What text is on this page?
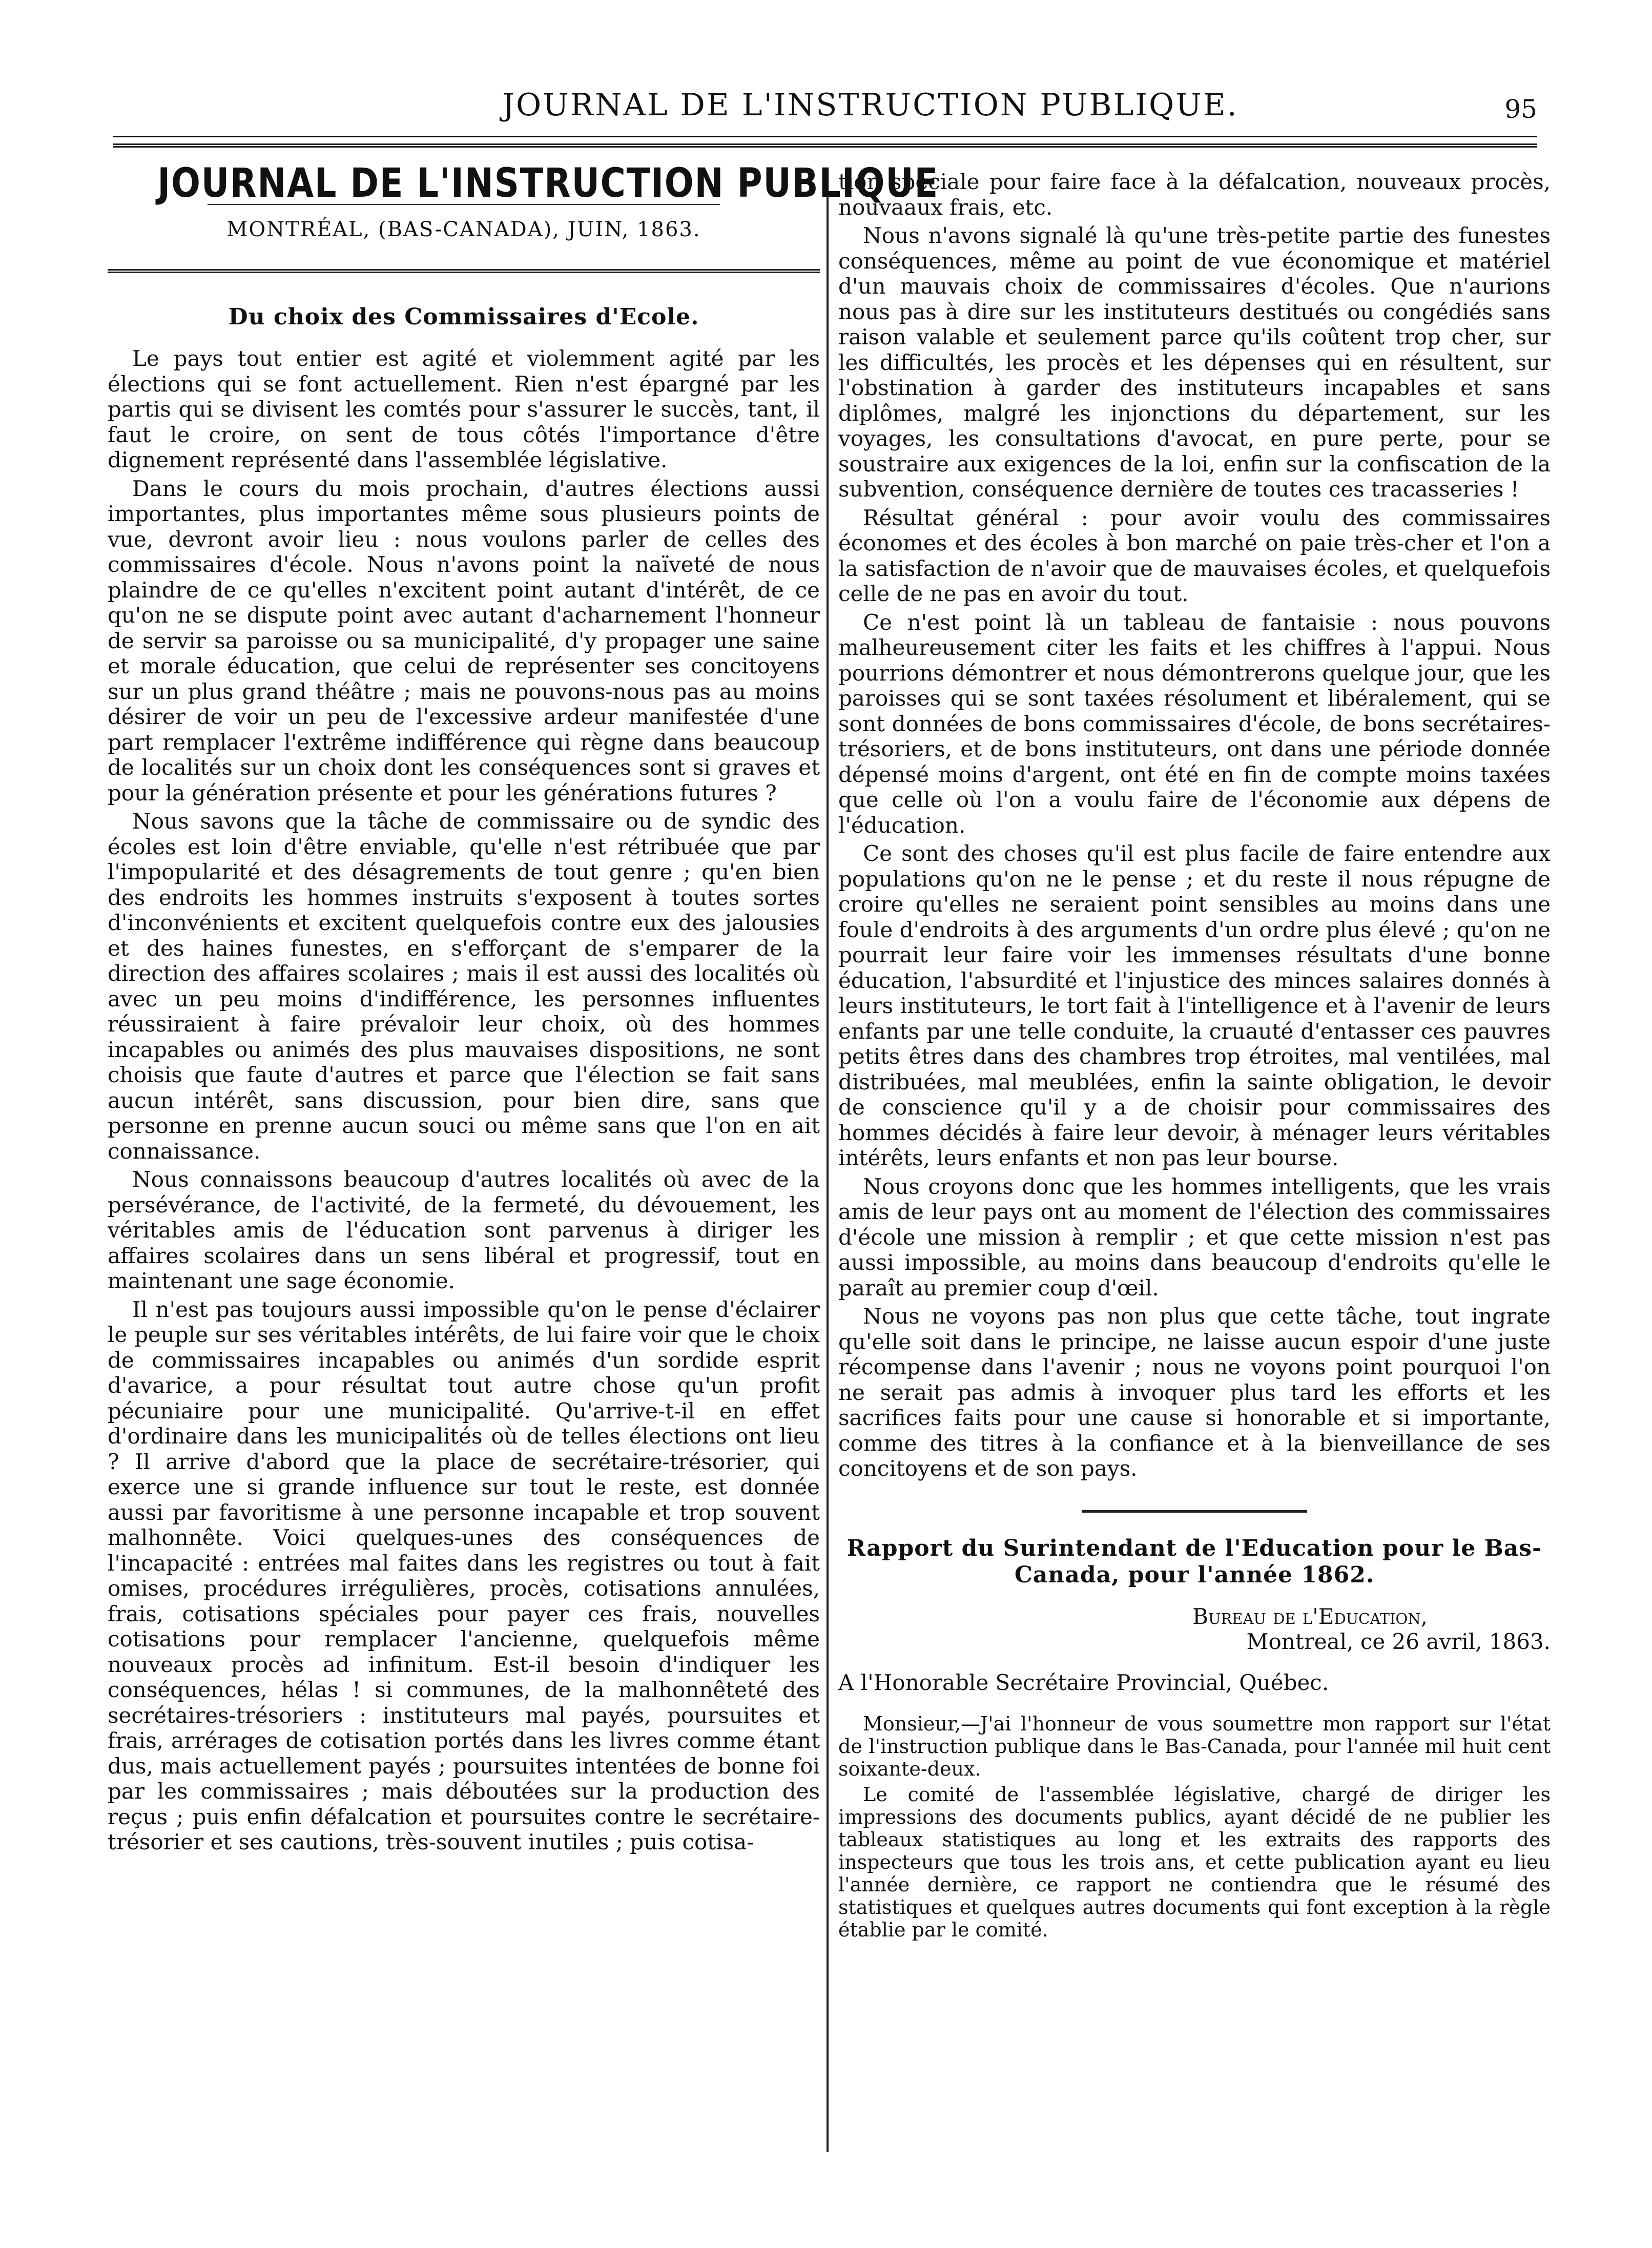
JOURNAL DE L'INSTRUCTION PUBLIQUE.	95
JOURNAL DE L'INSTRUCTION PUBLIQUE
MONTRÉAL, (BAS-CANADA), JUIN, 1863.
Du choix des Commissaires d'Ecole.

Le pays tout entier est agité et violemment agité par les élections qui se font actuellement. Rien n'est épargné par les partis qui se divisent les comtés pour s'assurer le succès, tant, il faut le croire, on sent de tous côtés l'importance d'être dignement représenté dans l'assemblée législative.

Dans le cours du mois prochain, d'autres élections aussi importantes, plus importantes même sous plusieurs points de vue, devront avoir lieu : nous voulons parler de celles des commissaires d'école. Nous n'avons point la naïveté de nous plaindre de ce qu'elles n'excitent point autant d'intérêt, de ce qu'on ne se dispute point avec autant d'acharnement l'honneur de servir sa paroisse ou sa municipalité, d'y propager une saine et morale éducation, que celui de représenter ses concitoyens sur un plus grand théâtre ; mais ne pouvons-nous pas au moins désirer de voir un peu de l'excessive ardeur manifestée d'une part remplacer l'extrême indifférence qui règne dans beaucoup de localités sur un choix dont les conséquences sont si graves et pour la génération présente et pour les générations futures ?

Nous savons que la tâche de commissaire ou de syndic des écoles est loin d'être enviable, qu'elle n'est rétribuée que par l'impopularité et des désagrements de tout genre ; qu'en bien des endroits les hommes instruits s'exposent à toutes sortes d'inconvénients et excitent quelquefois contre eux des jalousies et des haines funestes, en s'efforçant de s'emparer de la direction des affaires scolaires ; mais il est aussi des localités où avec un peu moins d'indifférence, les personnes influentes réussiraient à faire prévaloir leur choix, où des hommes incapables ou animés des plus mauvaises dispositions, ne sont choisis que faute d'autres et parce que l'élection se fait sans aucun intérêt, sans discussion, pour bien dire, sans que personne en prenne aucun souci ou même sans que l'on en ait connaissance.

Nous connaissons beaucoup d'autres localités où avec de la persévérance, de l'activité, de la fermeté, du dévouement, les véritables amis de l'éducation sont parvenus à diriger les affaires scolaires dans un sens libéral et progressif, tout en maintenant une sage économie.

Il n'est pas toujours aussi impossible qu'on le pense d'éclairer le peuple sur ses véritables intérêts, de lui faire voir que le choix de commissaires incapables ou animés d'un sordide esprit d'avarice, a pour résultat tout autre chose qu'un profit pécuniaire pour une municipalité. Qu'arrive-t-il en effet d'ordinaire dans les municipalités où de telles élections ont lieu ? Il arrive d'abord que la place de secrétaire-trésorier, qui exerce une si grande influence sur tout le reste, est donnée aussi par favoritisme à une personne incapable et trop souvent malhonnête. Voici quelques-unes des conséquences de l'incapacité : entrées mal faites dans les registres ou tout à fait omises, procédures irrégulières, procès, cotisations annulées, frais, cotisations spéciales pour payer ces frais, nouvelles cotisations pour remplacer l'ancienne, quelquefois même nouveaux procès ad infinitum. Est-il besoin d'indiquer les conséquences, hélas ! si communes, de la malhonnêteté des secrétaires-trésoriers : instituteurs mal payés, poursuites et frais, arrérages de cotisation portés dans les livres comme étant dus, mais actuellement payés ; poursuites intentées de bonne foi par les commissaires ; mais déboutées sur la production des reçus ; puis enfin défalcation et poursuites contre le secrétaire-trésorier et ses cautions, très-souvent inutiles ; puis cotisa-

tion spéciale pour faire face à la défalcation, nouveaux procès, nouvaaux frais, etc.

Nous n'avons signalé là qu'une très-petite partie des funestes conséquences, même au point de vue économique et matériel d'un mauvais choix de commissaires d'écoles. Que n'aurions nous pas à dire sur les instituteurs destitués ou congédiés sans raison valable et seulement parce qu'ils coûtent trop cher, sur les difficultés, les procès et les dépenses qui en résultent, sur l'obstination à garder des instituteurs incapables et sans diplômes, malgré les injonctions du département, sur les voyages, les consultations d'avocat, en pure perte, pour se soustraire aux exigences de la loi, enfin sur la confiscation de la subvention, conséquence dernière de toutes ces tracasseries !

Résultat général : pour avoir voulu des commissaires économes et des écoles à bon marché on paie très-cher et l'on a la satisfaction de n'avoir que de mauvaises écoles, et quelquefois celle de ne pas en avoir du tout.

Ce n'est point là un tableau de fantaisie : nous pouvons malheureusement citer les faits et les chiffres à l'appui. Nous pourrions démontrer et nous démontrerons quelque jour, que les paroisses qui se sont taxées résolument et libéralement, qui se sont données de bons commissaires d'école, de bons secrétaires-trésoriers, et de bons instituteurs, ont dans une période donnée dépensé moins d'argent, ont été en fin de compte moins taxées que celle où l'on a voulu faire de l'économie aux dépens de l'éducation.

Ce sont des choses qu'il est plus facile de faire entendre aux populations qu'on ne le pense ; et du reste il nous répugne de croire qu'elles ne seraient point sensibles au moins dans une foule d'endroits à des arguments d'un ordre plus élevé ; qu'on ne pourrait leur faire voir les immenses résultats d'une bonne éducation, l'absurdité et l'injustice des minces salaires donnés à leurs instituteurs, le tort fait à l'intelligence et à l'avenir de leurs enfants par une telle conduite, la cruauté d'entasser ces pauvres petits êtres dans des chambres trop étroites, mal ventilées, mal distribuées, mal meublées, enfin la sainte obligation, le devoir de conscience qu'il y a de choisir pour commissaires des hommes décidés à faire leur devoir, à ménager leurs véritables intérêts, leurs enfants et non pas leur bourse.

Nous croyons donc que les hommes intelligents, que les vrais amis de leur pays ont au moment de l'élection des commissaires d'école une mission à remplir ; et que cette mission n'est pas aussi impossible, au moins dans beaucoup d'endroits qu'elle le paraît au premier coup d'œil.

Nous ne voyons pas non plus que cette tâche, tout ingrate qu'elle soit dans le principe, ne laisse aucun espoir d'une juste récompense dans l'avenir ; nous ne voyons point pourquoi l'on ne serait pas admis à invoquer plus tard les efforts et les sacrifices faits pour une cause si honorable et si importante, comme des titres à la confiance et à la bienveillance de ses concitoyens et de son pays.

Rapport du Surintendant de l'Education pour le Bas-Canada, pour l'année 1862.

Bureau de l'Education,

Montreal, ce 26 avril, 1863.

A l'Honorable Secrétaire Provincial, Québec.

Monsieur,—J'ai l'honneur de vous soumettre mon rapport sur l'état de l'instruction publique dans le Bas-Canada, pour l'année mil huit cent soixante-deux.

Le comité de l'assemblée législative, chargé de diriger les impressions des documents publics, ayant décidé de ne publier les tableaux statistiques au long et les extraits des rapports des inspecteurs que tous les trois ans, et cette publication ayant eu lieu l'année dernière, ce rapport ne contiendra que le résumé des statistiques et quelques autres documents qui font exception à la règle établie par le comité.
